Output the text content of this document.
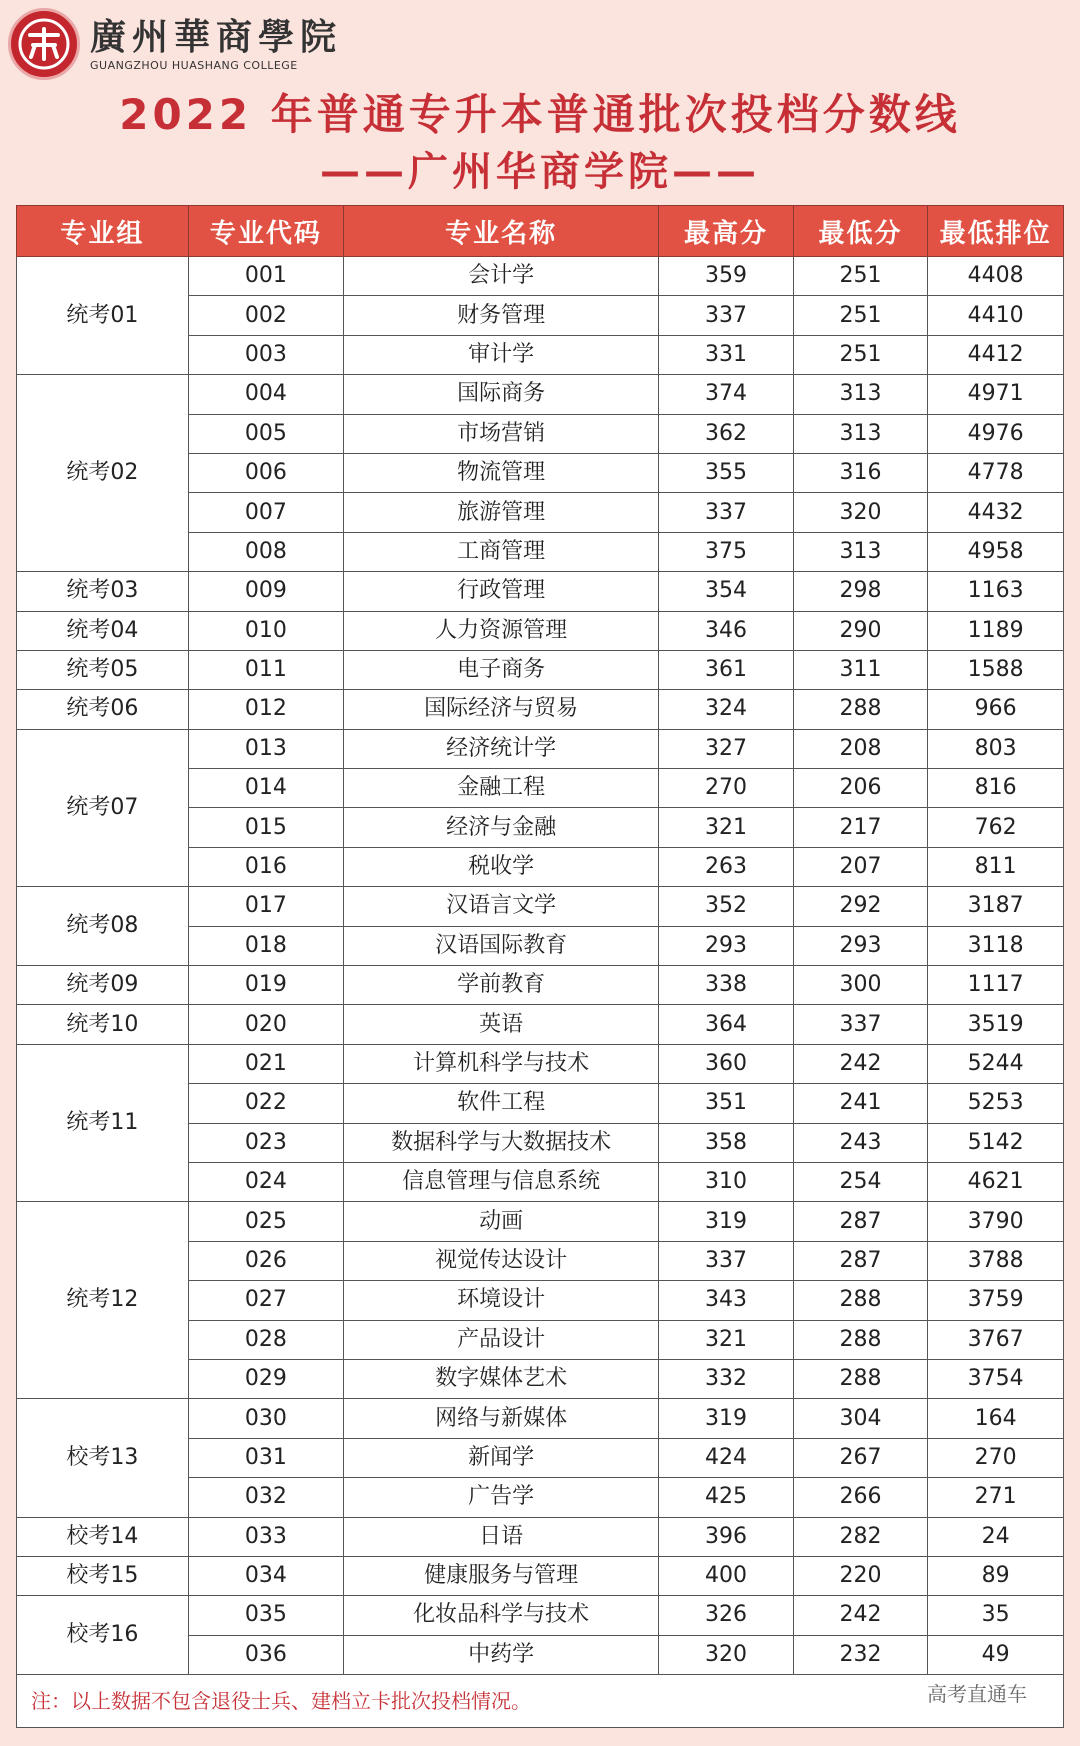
廣州華商學院
GUANGZHOU HUASHANG COLLEGE
2022 年普通专升本普通批次投档分数线
——广州华商学院——
专业组	专业代码	专业名称	最高分	最低分	最低排位
统考01	001	会计学	359	251	4408
	002	财务管理	337	251	4410
	003	审计学	331	251	4412
统考02	004	国际商务	374	313	4971
	005	市场营销	362	313	4976
	006	物流管理	355	316	4778
	007	旅游管理	337	320	4432
	008	工商管理	375	313	4958
统考03	009	行政管理	354	298	1163
统考04	010	人力资源管理	346	290	1189
统考05	011	电子商务	361	311	1588
统考06	012	国际经济与贸易	324	288	966
统考07	013	经济统计学	327	208	803
	014	金融工程	270	206	816
	015	经济与金融	321	217	762
	016	税收学	263	207	811
统考08	017	汉语言文学	352	292	3187
	018	汉语国际教育	293	293	3118
统考09	019	学前教育	338	300	1117
统考10	020	英语	364	337	3519
统考11	021	计算机科学与技术	360	242	5244
	022	软件工程	351	241	5253
	023	数据科学与大数据技术	358	243	5142
	024	信息管理与信息系统	310	254	4621
统考12	025	动画	319	287	3790
	026	视觉传达设计	337	287	3788
	027	环境设计	343	288	3759
	028	产品设计	321	288	3767
	029	数字媒体艺术	332	288	3754
校考13	030	网络与新媒体	319	304	164
	031	新闻学	424	267	270
	032	广告学	425	266	271
校考14	033	日语	396	282	24
校考15	034	健康服务与管理	400	220	89
校考16	035	化妆品科学与技术	326	242	35
	036	中药学	320	232	49
注：以上数据不包含退役士兵、建档立卡批次投档情况。 高考直通车					
